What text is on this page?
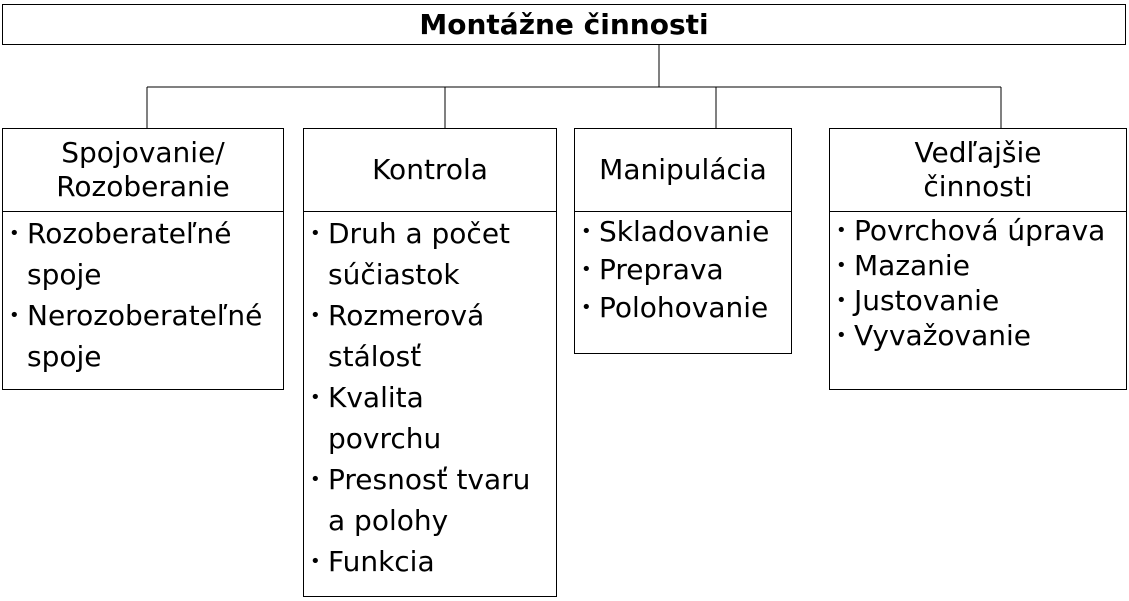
Montážne činnosti
Spojovanie/
Rozoberanie
• Rozoberateľné
spoje
• Nerozoberateľné
spoje
Kontrola
• Druh a počet
súčiastok
• Rozmerová
stálosť
• Kvalita
povrchu
• Presnosť tvaru
a polohy
• Funkcia
Manipulácia
• Skladovanie
• Preprava
• Polohovanie
Vedľajšie
činnosti
• Povrchová úprava
• Mazanie
• Justovanie
• Vyvažovanie
